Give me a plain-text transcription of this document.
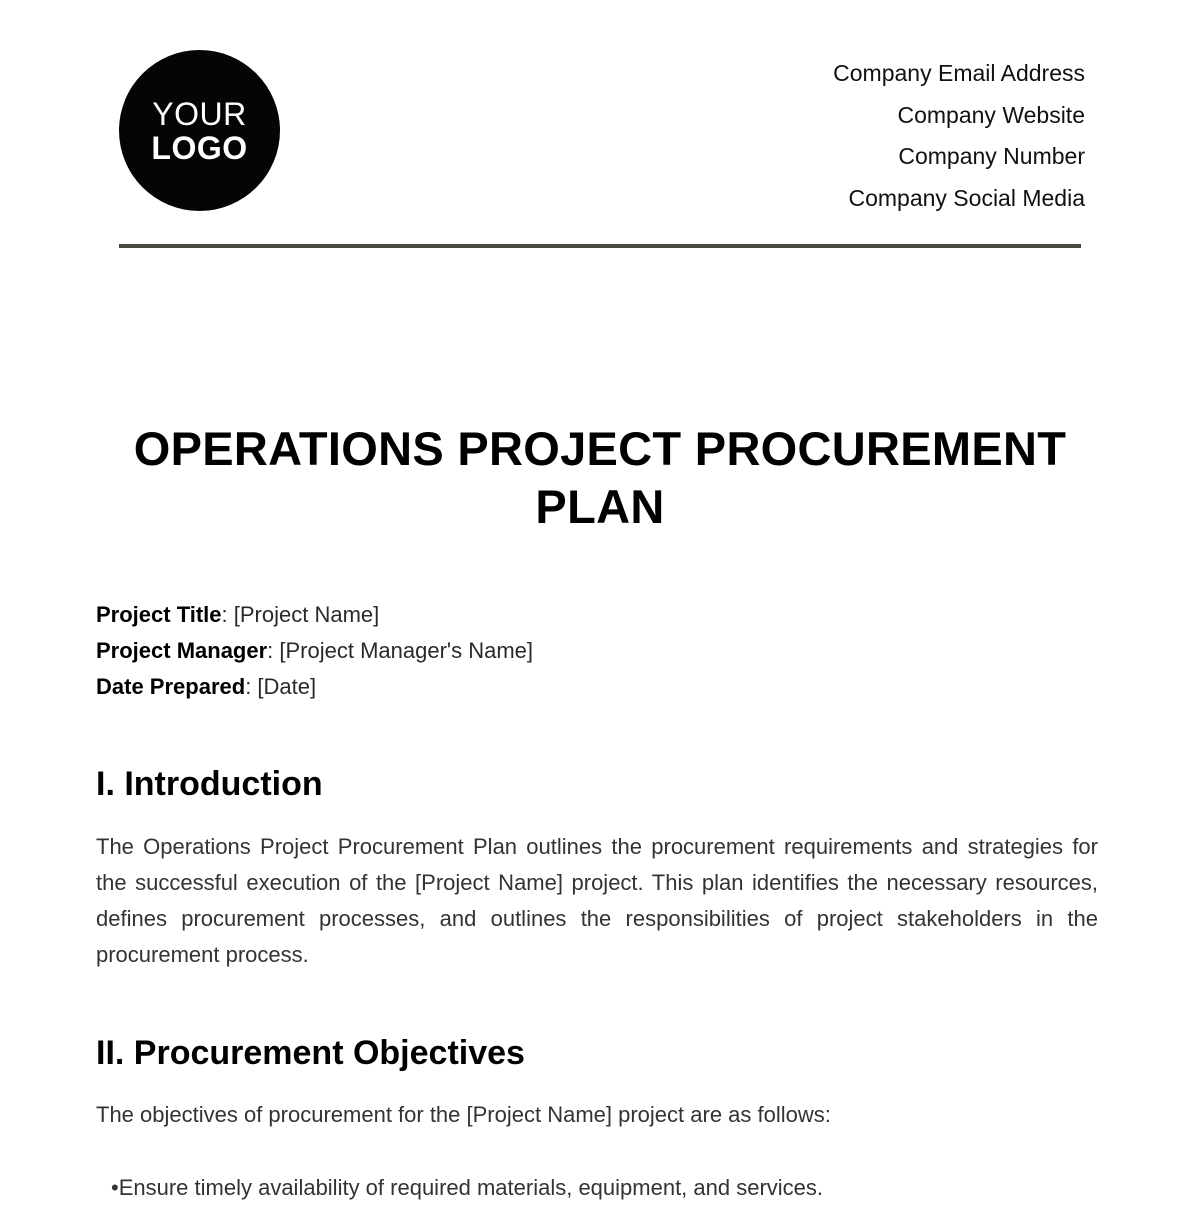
YOUR
LOGO
Company Email Address
Company Website
Company Number
Company Social Media
OPERATIONS PROJECT PROCUREMENT
PLAN
Project Title: [Project Name]
Project Manager: [Project Manager's Name]
Date Prepared: [Date]
I. Introduction

The Operations Project Procurement Plan outlines the procurement requirements and strategies for the successful execution of the [Project Name] project. This plan identifies the necessary resources, defines procurement processes, and outlines the responsibilities of project stakeholders in the procurement process.

II. Procurement Objectives

The objectives of procurement for the [Project Name] project are as follows:

•Ensure timely availability of required materials, equipment, and services.
